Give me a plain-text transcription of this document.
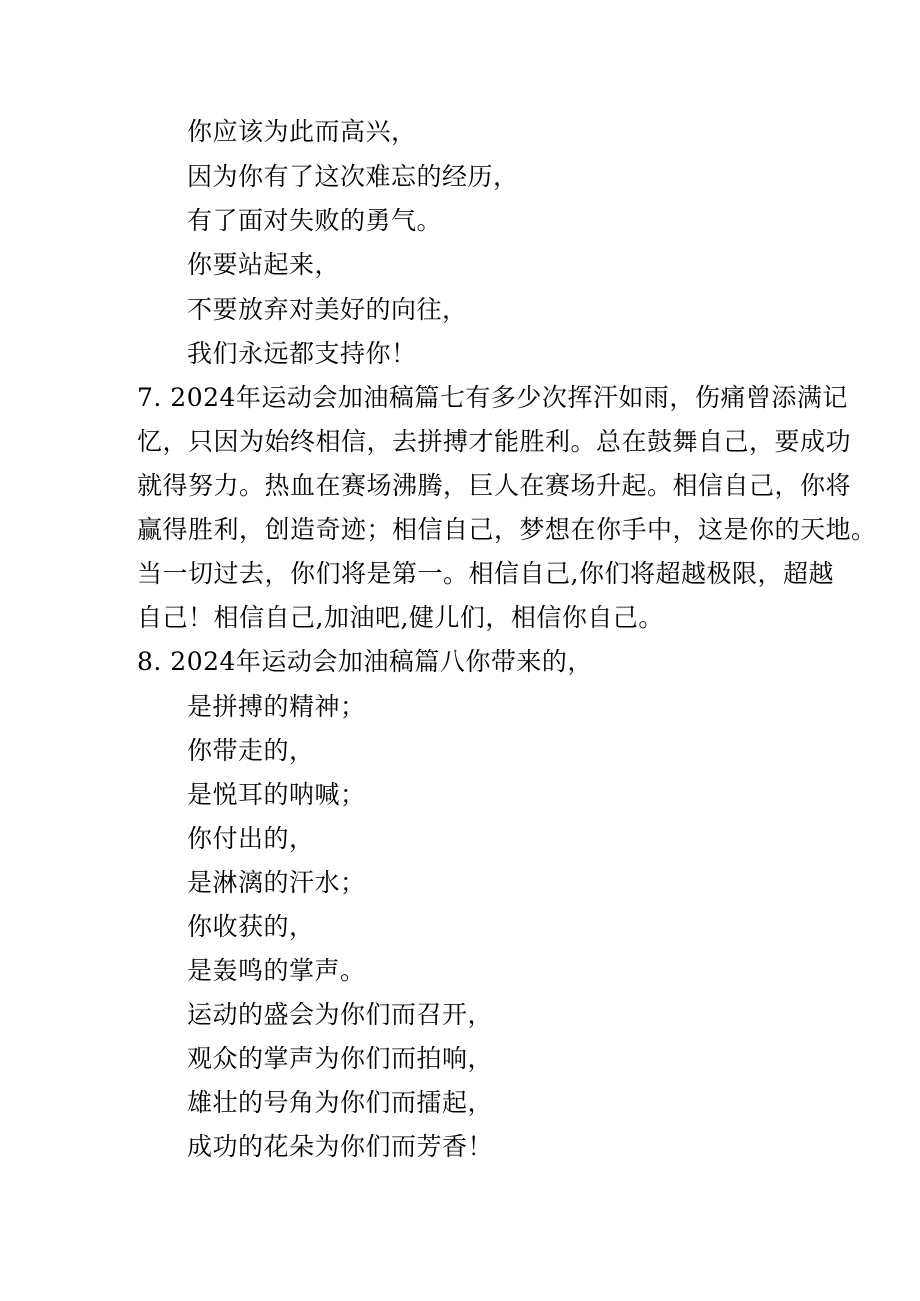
你应该为此而高兴，
因为你有了这次难忘的经历，
有了面对失败的勇气。
你要站起来，
不要放弃对美好的向往，
我们永远都支持你！
7. 2024年运动会加油稿篇七有多少次挥汗如雨，伤痛曾添满记
忆，只因为始终相信，去拼搏才能胜利。总在鼓舞自己，要成功
就得努力。热血在赛场沸腾，巨人在赛场升起。相信自己，你将
赢得胜利，创造奇迹；相信自己，梦想在你手中，这是你的天地。
当一切过去，你们将是第一。相信自己,你们将超越极限，超越
自己！相信自己,加油吧,健儿们，相信你自己。
8. 2024年运动会加油稿篇八你带来的，
是拼搏的精神；
你带走的，
是悦耳的呐喊；
你付出的，
是淋漓的汗水；
你收获的，
是轰鸣的掌声。
运动的盛会为你们而召开，
观众的掌声为你们而拍响，
雄壮的号角为你们而擂起，
成功的花朵为你们而芳香！
